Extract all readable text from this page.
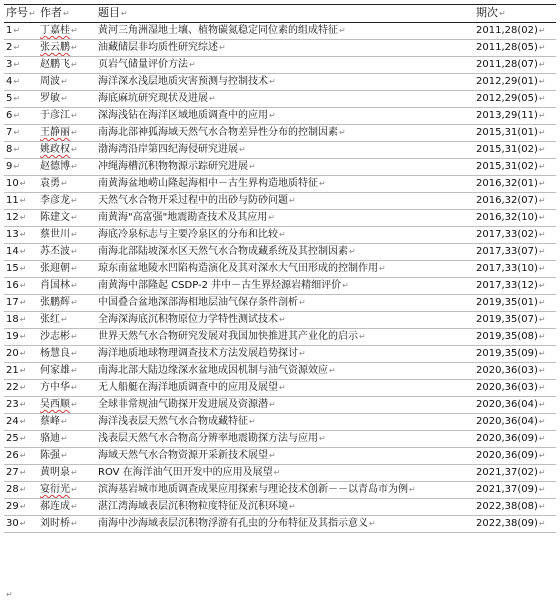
序号↵	作者↵	题目↵	期次↵
1↵	丁嘉桂↵	黄河三角洲湿地土壤、植物碳氮稳定同位素的组成特征↵	2011,28(02)↵
2↵	张云鹏↵	油藏储层非均质性研究综述↵	2011,28(05)↵
3↵	赵鹏飞↵	页岩气储量评价方法↵	2011,28(07)↵
4↵	周波↵	海洋深水浅层地质灾害预测与控制技术↵	2012,29(01)↵
5↵	罗敏↵	海底麻坑研究现状及进展↵	2012,29(05)↵
6↵	于彦江↵	深海浅钻在海洋区域地质调查中的应用↵	2013,29(11)↵
7↵	王静丽↵	南海北部神狐海域天然气水合物差异性分布的控制因素↵	2015,31(01)↵
8↵	姚政权↵	渤海湾沿岸第四纪海侵研究进展↵	2015,31(02)↵
9↵	赵德博↵	冲绳海槽沉积物物源示踪研究进展↵	2015,31(02)↵
10↵	袁勇↵	南黄海盆地崂山隆起海相中－古生界构造地质特征↵	2016,32(01)↵
11↵	李彦龙↵	天然气水合物开采过程中的出砂与防砂问题↵	2016,32(07)↵
12↵	陈建文↵	南黄海"高富强"地震勘查技术及其应用↵	2016,32(10)↵
13↵	蔡世川↵	海底冷泉标志与主要冷泉区的分布和比较↵	2017,33(02)↵
14↵	苏丕波↵	南海北部陆坡深水区天然气水合物成藏系统及其控制因素↵	2017,33(07)↵
15↵	张迎朝↵	琼东南盆地陵水凹陷构造演化及其对深水大气田形成的控制作用↵	2017,33(10)↵
16↵	肖国林↵	南黄海中部隆起 CSDP-2 井中－古生界烃源岩精细评价↵	2017,33(12)↵
17↵	张鹏辉↵	中国叠合盆地深部海相地层油气保存条件剖析↵	2019,35(01)↵
18↵	张红↵	全海深海底沉积物原位力学特性测试技术↵	2019,35(07)↵
19↵	沙志彬↵	世界天然气水合物研究发展对我国加快推进其产业化的启示↵	2019,35(08)↵
20↵	杨慧良↵	海洋地质地球物理调查技术方法发展趋势探讨↵	2019,35(09)↵
21↵	何家雄↵	南海北部大陆边缘深水盆地成因机制与油气资源效应↵	2020,36(03)↵
22↵	方中华↵	无人船艇在海洋地质调查中的应用及展望↵	2020,36(03)↵
23↵	吴西顺↵	全球非常规油气勘探开发进展及资源潜↵	2020,36(04)↵
24↵	蔡峰↵	海洋浅表层天然气水合物成藏特征↵	2020,36(04)↵
25↵	骆迪↵	浅表层天然气水合物高分辨率地震勘探方法与应用↵	2020,36(09)↵
26↵	陈强↵	海域天然气水合物资源开采新技术展望↵	2020,36(09)↵
27↵	黄明泉↵	ROV 在海洋油气田开发中的应用及展望↵	2021,37(02)↵
28↵	宴衍光↵	滨海基岩城市地质调查成果应用探索与理论技术创新－－以青岛市为例↵	2021,37(09)↵
29↵	郝连成↵	湛江湾海域表层沉积物粒度特征及沉积环境↵	2022,38(08)↵
30↵	刘时桥↵	南海中沙海域表层沉积物浮游有孔虫的分布特征及其指示意义↵	2022,38(09)↵
↵
